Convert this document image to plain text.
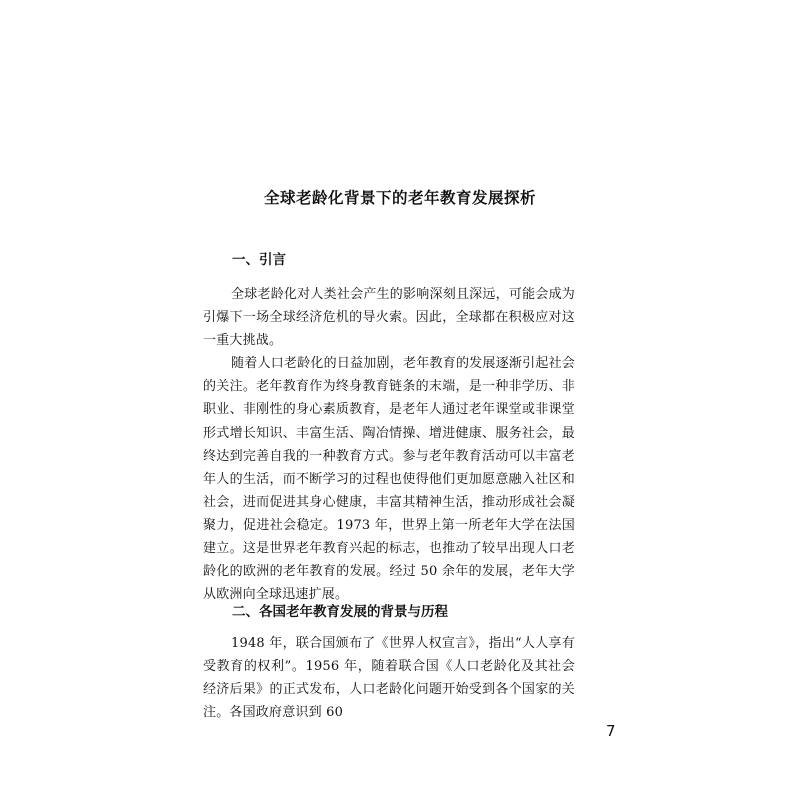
全球老龄化背景下的老年教育发展探析
一、引言

全球老龄化对人类社会产生的影响深刻且深远，可能会成为引爆下一场全球经济危机的导火索。因此，全球都在积极应对这一重大挑战。

随着人口老龄化的日益加剧，老年教育的发展逐渐引起社会的关注。老年教育作为终身教育链条的末端，是一种非学历、非职业、非刚性的身心素质教育，是老年人通过老年课堂或非课堂形式增长知识、丰富生活、陶冶情操、增进健康、服务社会，最终达到完善自我的一种教育方式。参与老年教育活动可以丰富老年人的生活，而不断学习的过程也使得他们更加愿意融入社区和社会，进而促进其身心健康，丰富其精神生活，推动形成社会凝聚力，促进社会稳定。1973 年，世界上第一所老年大学在法国建立。这是世界老年教育兴起的标志，也推动了较早出现人口老龄化的欧洲的老年教育的发展。经过 50 余年的发展，老年大学从欧洲向全球迅速扩展。

二、各国老年教育发展的背景与历程

1948 年，联合国颁布了《世界人权宣言》，指出“人人享有受教育的权利”。1956 年，随着联合国《人口老龄化及其社会经济后果》的正式发布，人口老龄化问题开始受到各个国家的关注。各国政府意识到 60

7
